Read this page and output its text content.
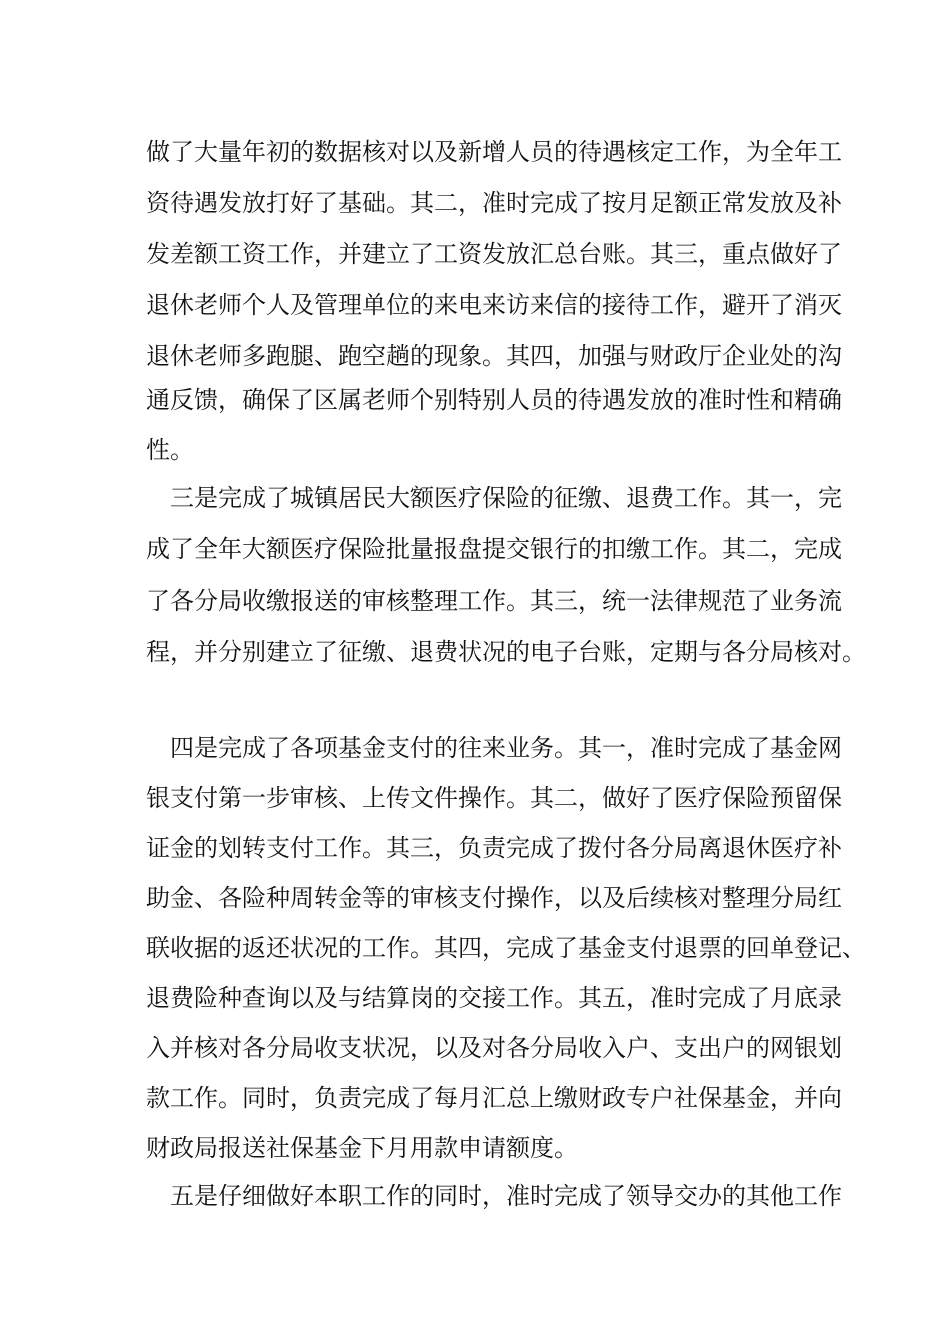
做了大量年初的数据核对以及新增人员的待遇核定工作，为全年工
资待遇发放打好了基础。其二，准时完成了按月足额正常发放及补
发差额工资工作，并建立了工资发放汇总台账。其三，重点做好了
退休老师个人及管理单位的来电来访来信的接待工作，避开了消灭
退休老师多跑腿、跑空趟的现象。其四，加强与财政厅企业处的沟
通反馈，确保了区属老师个别特别人员的待遇发放的准时性和精确
性。
三是完成了城镇居民大额医疗保险的征缴、退费工作。其一，完
成了全年大额医疗保险批量报盘提交银行的扣缴工作。其二，完成
了各分局收缴报送的审核整理工作。其三，统一法律规范了业务流
程，并分别建立了征缴、退费状况的电子台账，定期与各分局核对。
四是完成了各项基金支付的往来业务。其一，准时完成了基金网
银支付第一步审核、上传文件操作。其二，做好了医疗保险预留保
证金的划转支付工作。其三，负责完成了拨付各分局离退休医疗补
助金、各险种周转金等的审核支付操作，以及后续核对整理分局红
联收据的返还状况的工作。其四，完成了基金支付退票的回单登记、
退费险种查询以及与结算岗的交接工作。其五，准时完成了月底录
入并核对各分局收支状况，以及对各分局收入户、支出户的网银划
款工作。同时，负责完成了每月汇总上缴财政专户社保基金，并向
财政局报送社保基金下月用款申请额度。
五是仔细做好本职工作的同时，准时完成了领导交办的其他工作
